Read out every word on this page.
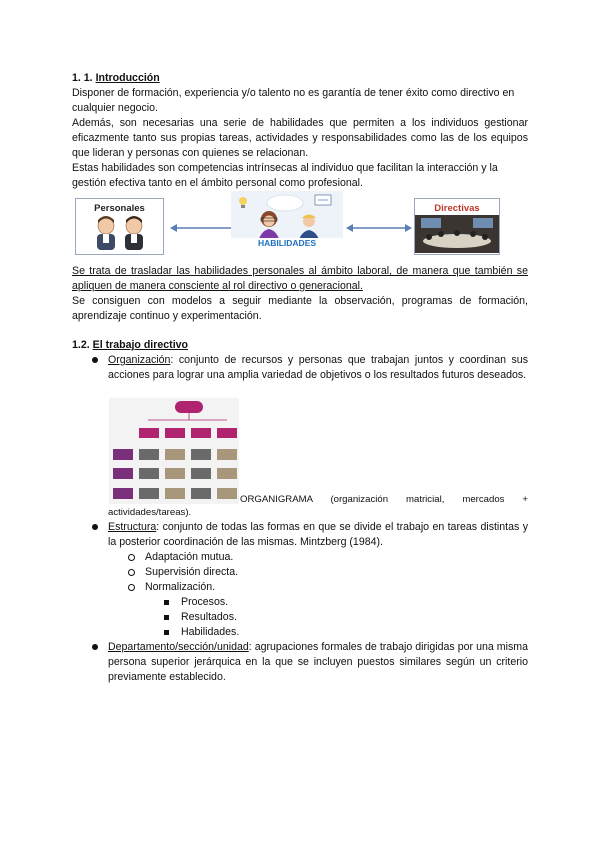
1. 1. Introducción
Disponer de formación, experiencia y/o talento no es garantía de tener éxito como directivo en cualquier negocio.
Además, son necesarias una serie de habilidades que permiten a los individuos gestionar eficazmente tanto sus propias tareas, actividades y responsabilidades como las de los equipos que lideran y personas con quienes se relacionan.
Estas habilidades son competencias intrínsecas al individuo que facilitan la interacción y la gestión efectiva tanto en el ámbito personal como profesional.
Personales
HABILIDADES
Directivas
Se trata de trasladar las habilidades personales al ámbito laboral, de manera que también se apliquen de manera consciente al rol directivo o generacional.
Se consiguen con modelos a seguir mediante la observación, programas de formación, aprendizaje continuo y experimentación.
1.2. El trabajo directivo
Organización: conjunto de recursos y personas que trabajan juntos y coordinan sus acciones para lograr una amplia variedad de objetivos o los resultados futuros deseados.
ORGANIGRAMA (organización matricial, mercados +
actividades/tareas).
Estructura: conjunto de todas las formas en que se divide el trabajo en tareas distintas y la posterior coordinación de las mismas. Mintzberg (1984).
Adaptación mutua.
Supervisión directa.
Normalización.
Procesos.
Resultados.
Habilidades.
Departamento/sección/unidad: agrupaciones formales de trabajo dirigidas por una misma persona superior jerárquica en la que se incluyen puestos similares según un criterio previamente establecido.
